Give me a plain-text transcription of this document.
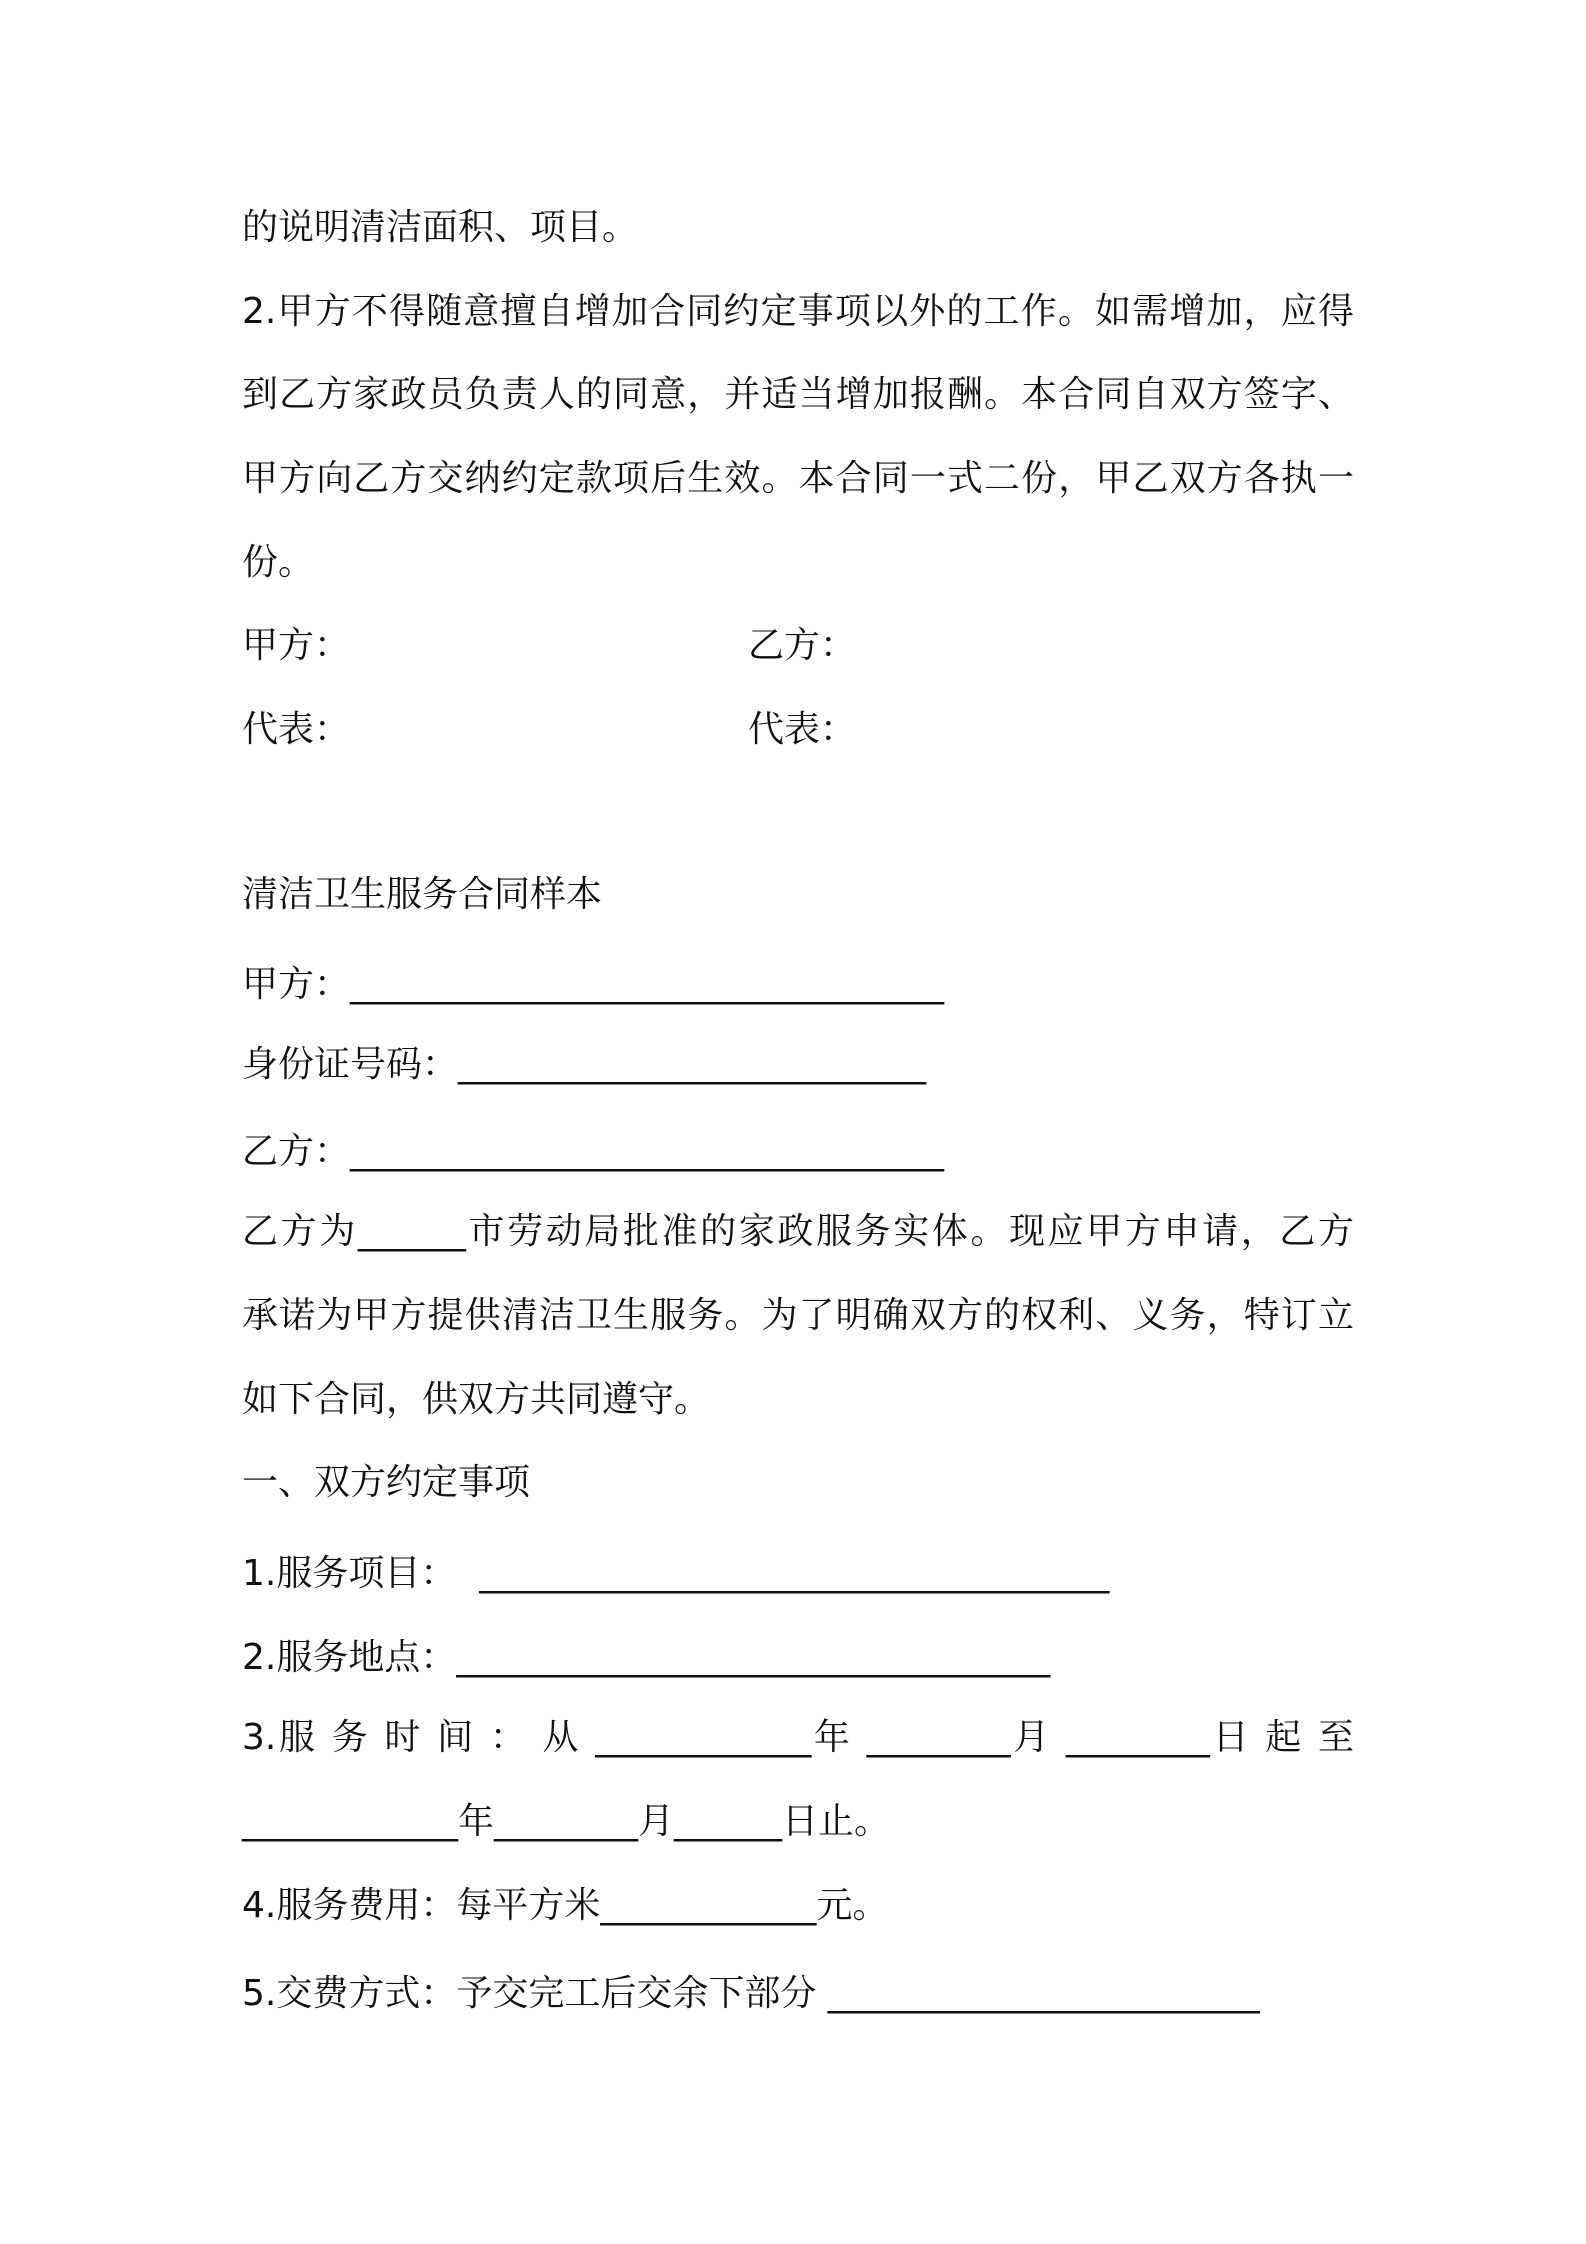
的说明清洁面积、项目。
2.甲方不得随意擅自增加合同约定事项以外的工作。如需增加，应得
到乙方家政员负责人的同意，并适当增加报酬。本合同自双方签字、
甲方向乙方交纳约定款项后生效。本合同一式二份，甲乙双方各执一
份。
甲方：	乙方：
代表：	代表：
清洁卫生服务合同样本
甲方：_________________________________
身份证号码：__________________________
乙方：_________________________________
乙方为______市劳动局批准的家政服务实体。现应甲方申请，乙方
承诺为甲方提供清洁卫生服务。为了明确双方的权利、义务，特订立
如下合同，供双方共同遵守。
一、双方约定事项
1.服务项目：  ___________________________________
2.服务地点：_________________________________
3.服 务 时 间 ： 从 ____________年 ________月 ________日 起 至
____________年________月______日止。
4.服务费用：每平方米____________元。
5.交费方式：予交完工后交余下部分 ________________________
